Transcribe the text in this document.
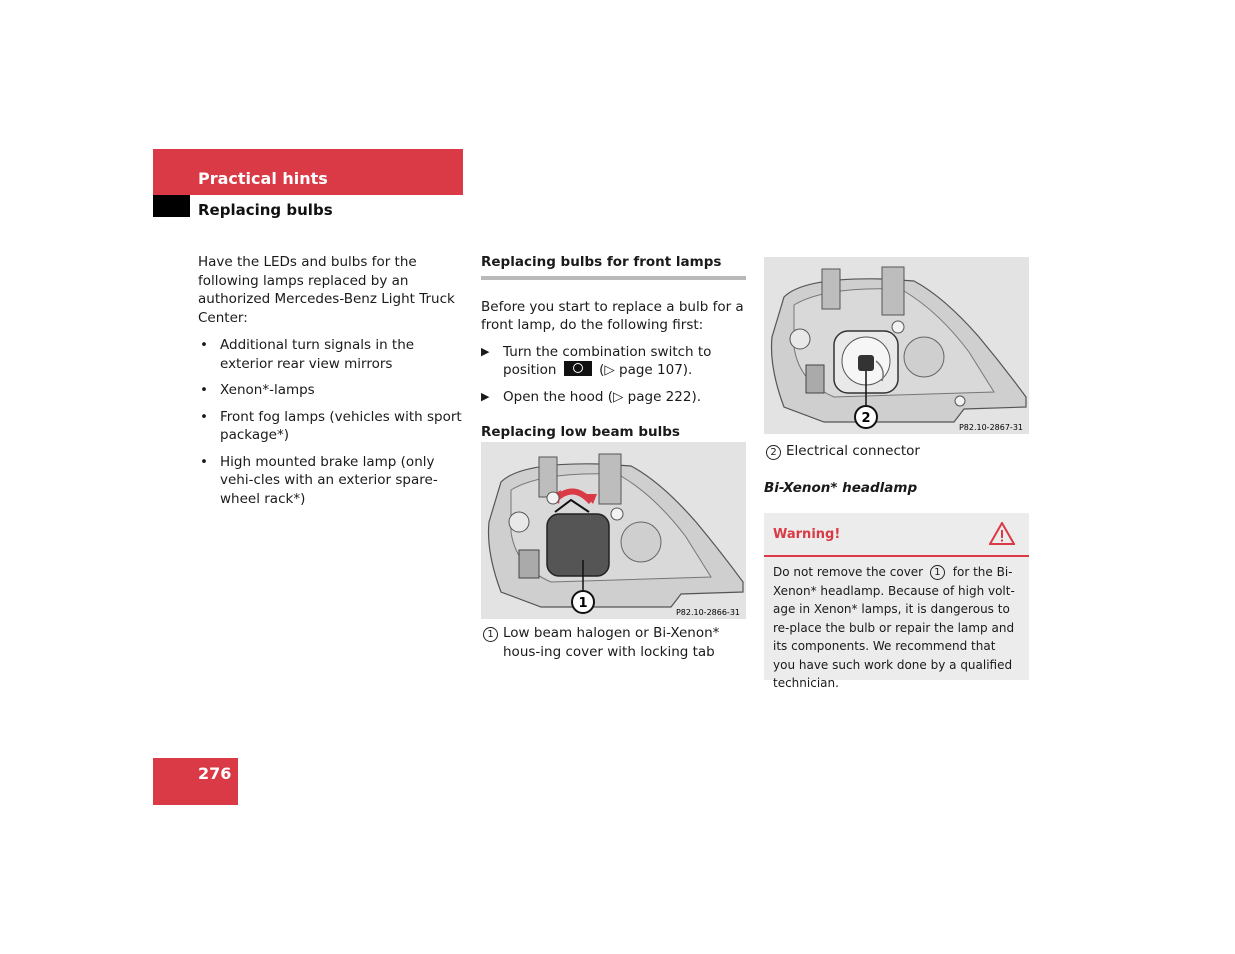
Practical hints
Replacing bulbs

Have the LEDs and bulbs for the following lamps replaced by an authorized Mercedes-Benz Light Truck Center:

• Additional turn signals in the exterior rear view mirrors
• Xenon*-lamps
• Front fog lamps (vehicles with sport package*)
• High mounted brake lamp (only vehi-cles with an exterior spare-wheel rack*)
Replacing bulbs for front lamps

Before you start to replace a bulb for a front lamp, do the following first:

▶ Turn the combination switch to position	(▷ page 107).
▶ Open the hood (▷ page 222).
Replacing low beam bulbs
1
P82.10-2866-31
1 Low beam halogen or Bi-Xenon* hous-ing cover with locking tab
2
P82.10-2867-31
2 Electrical connector
Bi-Xenon* headlamp
Warning!
Do not remove the cover 1 for the Bi-Xenon* headlamp. Because of high volt-age in Xenon* lamps, it is dangerous to re-place the bulb or repair the lamp and its components. We recommend that you have such work done by a qualified technician.
276
